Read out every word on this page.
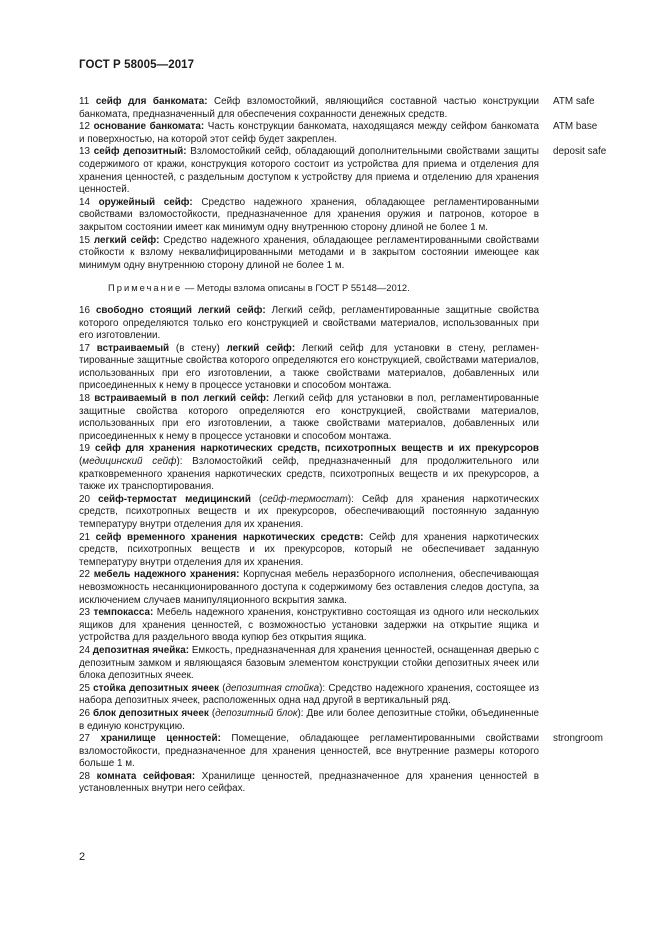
ГОСТ Р 58005—2017
11 сейф для банкомата: Сейф взломостойкий, являющийся составной частью конструкции банкомата, предназначенный для обеспечения сохранности денежных средств.
ATM safe
12 основание банкомата: Часть конструкции банкомата, находящаяся между сейфом банкомата и поверхностью, на которой этот сейф будет закреплен.
ATM base
13 сейф депозитный: Взломостойкий сейф, обладающий дополнительными свойствами защиты содержимого от кражи, конструкция которого состоит из устройства для приема и отделения для хранения ценностей, с раздельным доступом к устройству для приема и отделению для хранения ценностей.
deposit safe
14 оружейный сейф: Средство надежного хранения, обладающее регламентированными свойствами взломостойкости, предназначенное для хранения оружия и патронов, которое в закрытом состоянии имеет как минимум одну внутреннюю сторону длиной не более 1 м.
15 легкий сейф: Средство надежного хранения, обладающее регламентированными свойствами стойкости к взлому неквалифицированными методами и в закрытом состоянии имеющее как минимум одну внутреннюю сторону длиной не более 1 м.
Примечание — Методы взлома описаны в ГОСТ Р 55148—2012.
16 свободно стоящий легкий сейф: Легкий сейф, регламентированные защитные свойства которого определяются только его конструкцией и свойствами материалов, использованных при его изготовлении.
17 встраиваемый (в стену) легкий сейф: Легкий сейф для установки в стену, регламентированные защитные свойства которого определяются его конструкцией, свойствами материалов, использованных при его изготовлении, а также свойствами материалов, добавленных или присоединенных к нему в процессе установки и способом монтажа.
18 встраиваемый в пол легкий сейф: Легкий сейф для установки в пол, регламентированные защитные свойства которого определяются его конструкцией, свойствами материалов, использованных при его изготовлении, а также свойствами материалов, добавленных или присоединенных к нему в процессе установки и способом монтажа.
19 сейф для хранения наркотических средств, психотропных веществ и их прекурсоров (медицинский сейф): Взломостойкий сейф, предназначенный для продолжительного или кратковременного хранения наркотических средств, психотропных веществ и их прекурсоров, а также их транспортирования.
20 сейф-термостат медицинский (сейф-термостат): Сейф для хранения наркотических средств, психотропных веществ и их прекурсоров, обеспечивающий постоянную заданную температуру внутри отделения для их хранения.
21 сейф временного хранения наркотических средств: Сейф для хранения наркотических средств, психотропных веществ и их прекурсоров, который не обеспечивает заданную температуру внутри отделения для их хранения.
22 мебель надежного хранения: Корпусная мебель неразборного исполнения, обеспечивающая невозможность несанкционированного доступа к содержимому без оставления следов доступа, за исключением случаев манипуляционного вскрытия замка.
23 темпокасса: Мебель надежного хранения, конструктивно состоящая из одного или нескольких ящиков для хранения ценностей, с возможностью установки задержки на открытие ящика и устройства для раздельного ввода купюр без открытия ящика.
24 депозитная ячейка: Емкость, предназначенная для хранения ценностей, оснащенная дверью с депозитным замком и являющаяся базовым элементом конструкции стойки депозитных ячеек или блока депозитных ячеек.
25 стойка депозитных ячеек (депозитная стойка): Средство надежного хранения, состоящее из набора депозитных ячеек, расположенных одна над другой в вертикальный ряд.
26 блок депозитных ячеек (депозитный блок): Две или более депозитные стойки, объединенные в единую конструкцию.
27 хранилище ценностей: Помещение, обладающее регламентированными свойствами взломостойкости, предназначенное для хранения ценностей, все внутренние размеры которого больше 1 м.
strongroom
28 комната сейфовая: Хранилище ценностей, предназначенное для хранения ценностей в установленных внутри него сейфах.
2
